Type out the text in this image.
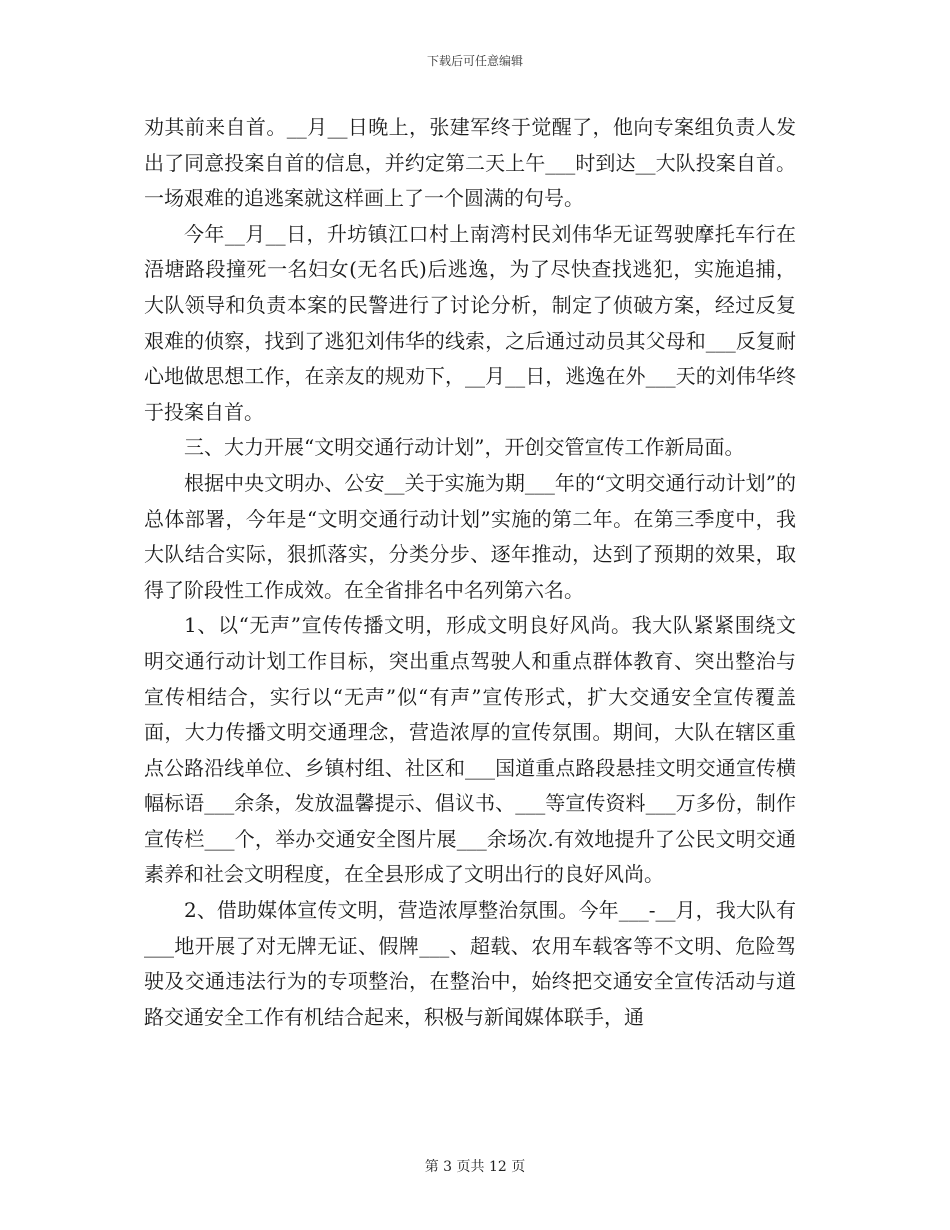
下载后可任意编辑

劝其前来自首。__月__日晚上，张建军终于觉醒了，他向专案组负责人发出了同意投案自首的信息，并约定第二天上午___时到达__大队投案自首。一场艰难的追逃案就这样画上了一个圆满的句号。

今年__月__日，升坊镇江口村上南湾村民刘伟华无证驾驶摩托车行在浯塘路段撞死一名妇女(无名氏)后逃逸，为了尽快查找逃犯，实施追捕，大队领导和负责本案的民警进行了讨论分析，制定了侦破方案，经过反复艰难的侦察，找到了逃犯刘伟华的线索，之后通过动员其父母和___反复耐心地做思想工作，在亲友的规劝下，__月__日，逃逸在外___天的刘伟华终于投案自首。

三、大力开展“文明交通行动计划”，开创交管宣传工作新局面。

根据中央文明办、公安__关于实施为期___年的“文明交通行动计划”的总体部署，今年是“文明交通行动计划”实施的第二年。在第三季度中，我大队结合实际，狠抓落实，分类分步、逐年推动，达到了预期的效果，取得了阶段性工作成效。在全省排名中名列第六名。

1、以“无声”宣传传播文明，形成文明良好风尚。我大队紧紧围绕文明交通行动计划工作目标，突出重点驾驶人和重点群体教育、突出整治与宣传相结合，实行以“无声”似“有声”宣传形式，扩大交通安全宣传覆盖面，大力传播文明交通理念，营造浓厚的宣传氛围。期间，大队在辖区重点公路沿线单位、乡镇村组、社区和___国道重点路段悬挂文明交通宣传横幅标语___余条，发放温馨提示、倡议书、___等宣传资料___万多份，制作宣传栏___个，举办交通安全图片展___余场次.有效地提升了公民文明交通素养和社会文明程度，在全县形成了文明出行的良好风尚。

2、借助媒体宣传文明，营造浓厚整治氛围。今年___-__月，我大队有___地开展了对无牌无证、假牌___、超载、农用车载客等不文明、危险驾驶及交通违法行为的专项整治，在整治中，始终把交通安全宣传活动与道路交通安全工作有机结合起来，积极与新闻媒体联手，通

第 3 页共 12 页
